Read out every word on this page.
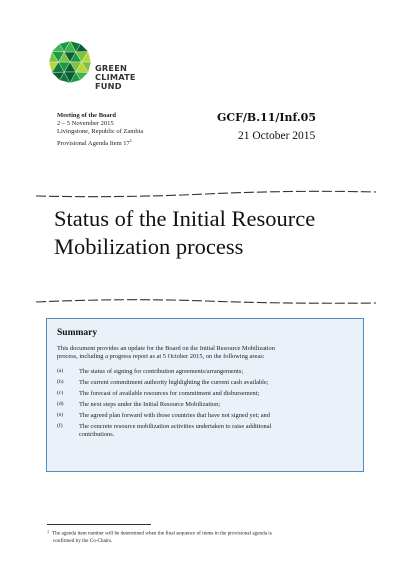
GREEN
CLIMATE
FUND
Meeting of the Board
2 – 5 November 2015
Livingstone, Republic of Zambia
Provisional Agenda Item $17^1$
GCF/B.11/Inf.05
21 October 2015
Status of the Initial Resource
Mobilization process
Summary
This document provides an update for the Board on the Initial Resource Mobilization
process, including a progress report as at 5 October 2015, on the following areas:
(a) The status of signing for contribution agreements/arrangements;
(b) The current commitment authority highlighting the current cash available;
(c) The forecast of available resources for commitment and disbursement;
(d) The next steps under the Initial Resource Mobilization;
(e) The agreed plan forward with those countries that have not signed yet; and
(f)	The concrete resource mobilization activities undertaken to raise additional
contributions.
$^1$ The agenda item number will be determined when the final sequence of items in the provisional agenda is
confirmed by the Co-Chairs.
